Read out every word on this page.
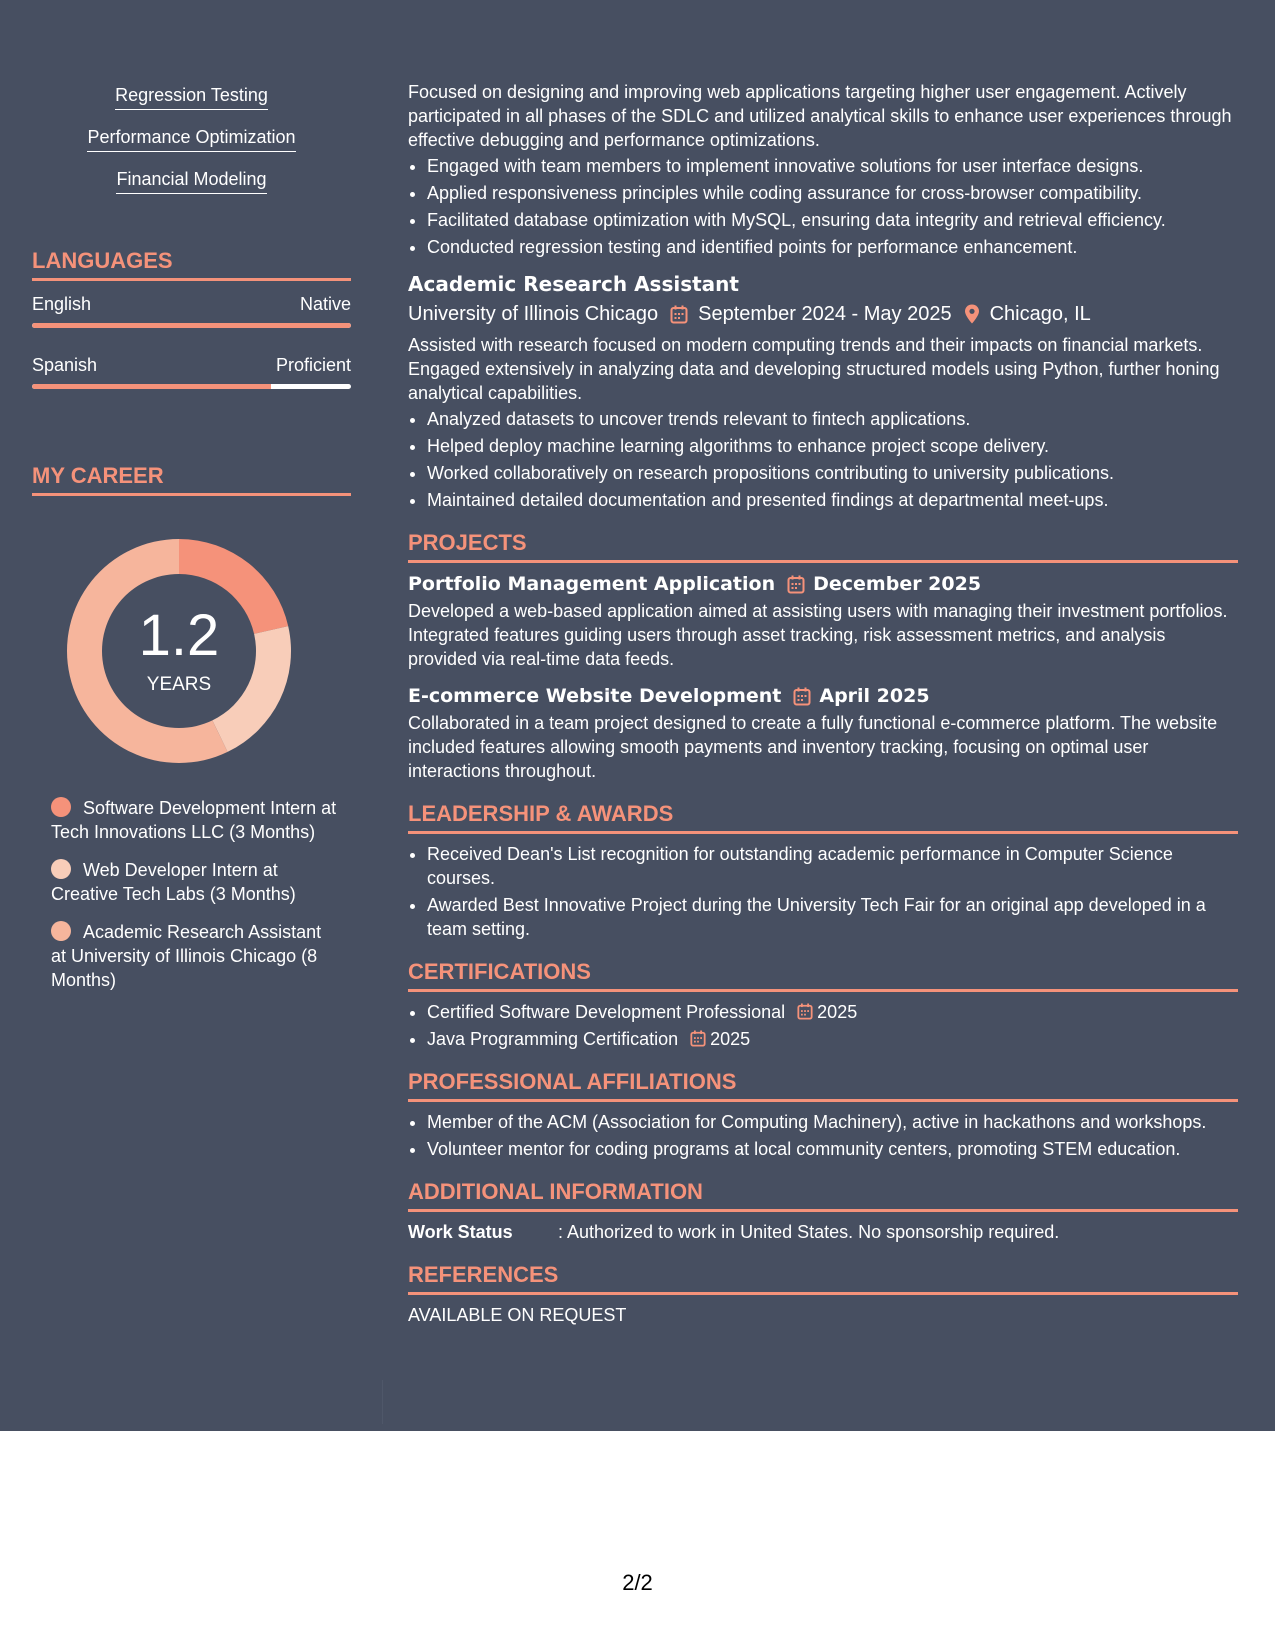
Regression Testing
Performance Optimization
Financial Modeling
LANGUAGES
English	Native
Spanish	Proficient
MY CAREER
1.2
YEARS
Software Development Intern at Tech Innovations LLC (3 Months)
Web Developer Intern at Creative Tech Labs (3 Months)
Academic Research Assistant at University of Illinois Chicago (8 Months)

Focused on designing and improving web applications targeting higher user engagement. Actively participated in all phases of the SDLC and utilized analytical skills to enhance user experiences through effective debugging and performance optimizations.

• Engaged with team members to implement innovative solutions for user interface designs.
• Applied responsiveness principles while coding assurance for cross-browser compatibility.
• Facilitated database optimization with MySQL, ensuring data integrity and retrieval efficiency.
• Conducted regression testing and identified points for performance enhancement.
Academic Research Assistant
University of Illinois Chicago September 2024 - May 2025 Chicago, IL

Assisted with research focused on modern computing trends and their impacts on financial markets. Engaged extensively in analyzing data and developing structured models using Python, further honing analytical capabilities.

• Analyzed datasets to uncover trends relevant to fintech applications.
• Helped deploy machine learning algorithms to enhance project scope delivery.
• Worked collaboratively on research propositions contributing to university publications.
• Maintained detailed documentation and presented findings at departmental meet-ups.
PROJECTS
Portfolio Management Application December 2025

Developed a web-based application aimed at assisting users with managing their investment portfolios. Integrated features guiding users through asset tracking, risk assessment metrics, and analysis provided via real-time data feeds.

E-commerce Website Development April 2025

Collaborated in a team project designed to create a fully functional e-commerce platform. The website included features allowing smooth payments and inventory tracking, focusing on optimal user interactions throughout.

LEADERSHIP & AWARDS
• Received Dean's List recognition for outstanding academic performance in Computer Science courses.
• Awarded Best Innovative Project during the University Tech Fair for an original app developed in a team setting.
CERTIFICATIONS
• Certified Software Development Professional 2025
• Java Programming Certification 2025
PROFESSIONAL AFFILIATIONS
• Member of the ACM (Association for Computing Machinery), active in hackathons and workshops.
• Volunteer mentor for coding programs at local community centers, promoting STEM education.
ADDITIONAL INFORMATION
Work Status	: Authorized to work in United States. No sponsorship required.
REFERENCES
AVAILABLE ON REQUEST
2/2
